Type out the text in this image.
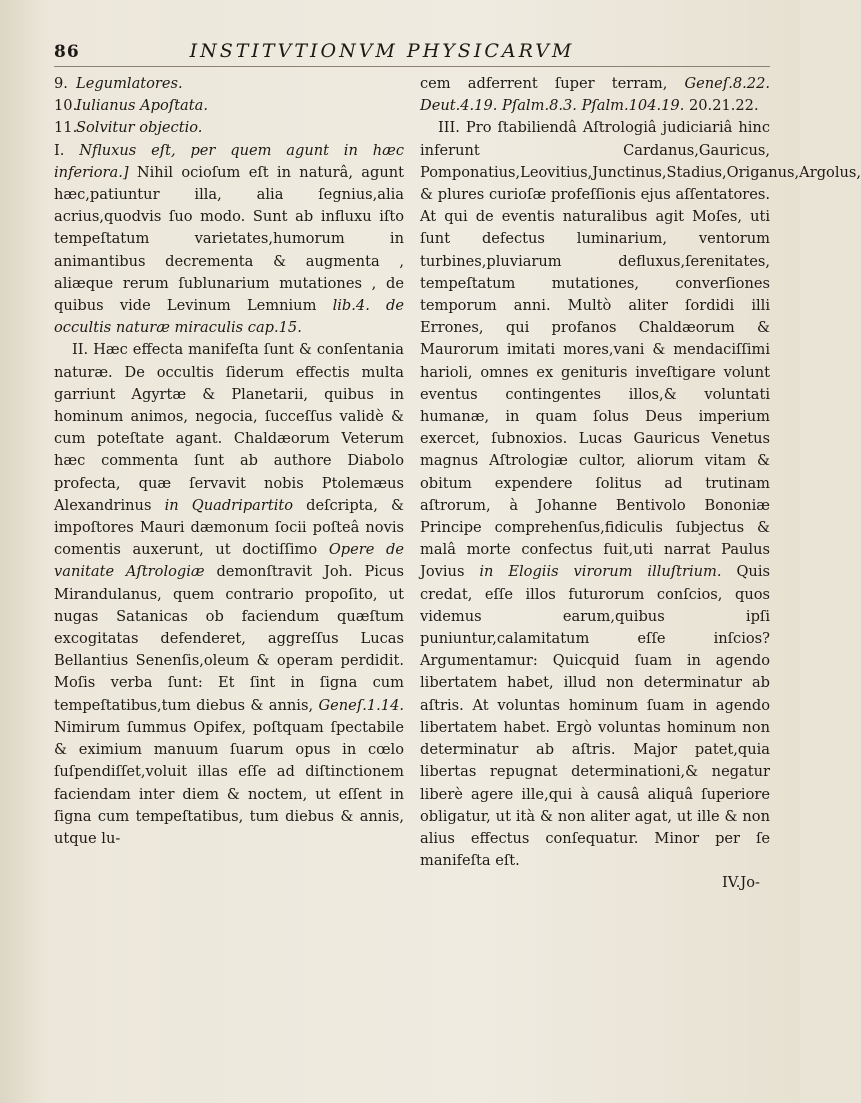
86	INSTITVTIONVM PHYSICARVM
9. Legumlatores.
10.Iulianus Apoſtata.
11.Solvitur objectio.

I. Nfluxus eſt, per quem agunt in hæc inferiora.] Nihil ocioſum eſt in naturâ, agunt hæc,patiuntur illa, alia ſegnius,alia acrius,quodvis ſuo modo. Sunt ab influxu iſto tempeſtatum varietates,humorum in animantibus decrementa & augmenta , aliæque rerum ſublunarium mutationes , de quibus vide Levinum Lemnium lib.4. de occultis naturæ miraculis cap.15.

II. Hæc effecta manifeſta ſunt & conſentania naturæ. De occultis ſiderum effectis multa garriunt Agyrtæ & Planetarii, quibus in hominum animos, negocia, ſucceſſus validè & cum poteſtate agant. Chaldæorum Veterum hæc commenta ſunt ab authore Diabolo profecta, quæ ſervavit nobis Ptolemæus Alexandrinus in Quadripartito deſcripta, & impoſtores Mauri dæmonum ſocii poſteâ novis comentis auxerunt, ut doctiſſimo Opere de vanitate Aſtrologiæ demonſtravit Joh. Picus Mirandulanus, quem contrario propoſito, ut nugas Satanicas ob faciendum quæſtum excogitatas defenderet, aggreſſus Lucas Bellantius Senenſis,oleum & operam perdidit. Moſis verba ſunt: Et ſint in ſigna cum tempeſtatibus,tum diebus & annis, Geneſ.1.14. Nimirum ſummus Opifex, poſtquam ſpectabile & eximium manuum ſuarum opus in cœlo ſuſpendiſſet,voluit illas eſſe ad diſtinctionem faciendam inter diem & noctem, ut eſſent in ſigna cum tempeſtatibus, tum diebus & annis, utque lu-

cem adferrent ſuper terram, Geneſ.8.22. Deut.4.19. Pſalm.8.3. Pſalm.104.19. 20.21.22.

III. Pro ſtabiliendâ Aſtrologiâ judiciariâ hinc inferunt Cardanus,Gauricus, Pomponatius,Leovitius,Junctinus,Stadius,Origanus,Argolus, & plures curioſæ profeſſionis ejus aſſentatores. At qui de eventis naturalibus agit Moſes, uti ſunt defectus luminarium, ventorum turbines,pluviarum defluxus,ſerenitates, tempeſtatum mutationes, converſiones temporum anni. Multò aliter ſordidi illi Errones, qui profanos Chaldæorum & Maurorum imitati mores,vani & mendaciſſimi harioli, omnes ex genituris inveſtigare volunt eventus contingentes illos,& voluntati humanæ, in quam ſolus Deus imperium exercet, ſubnoxios. Lucas Gauricus Venetus magnus Aſtrologiæ cultor, aliorum vitam & obitum expendere ſolitus ad trutinam aſtrorum, à Johanne Bentivolo Bononiæ Principe comprehenſus,fidiculis ſubjectus & malâ morte confectus fuit,uti narrat Paulus Jovius in Elogiis virorum illuſtrium. Quis credat, eſſe illos futurorum conſcios, quos videmus earum,quibus ipſi puniuntur,calamitatum eſſe inſcios? Argumentamur: Quicquid ſuam in agendo libertatem habet, illud non determinatur ab aſtris. At voluntas hominum ſuam in agendo libertatem habet. Ergò voluntas hominum non determinatur ab aſtris. Major patet,quia libertas repugnat determinationi,& negatur liberè agere ille,qui à causâ aliquâ ſuperiore obligatur, ut ità & non aliter agat, ut ille & non alius effectus conſequatur. Minor per ſe manifeſta eſt.

IV.Jo-
